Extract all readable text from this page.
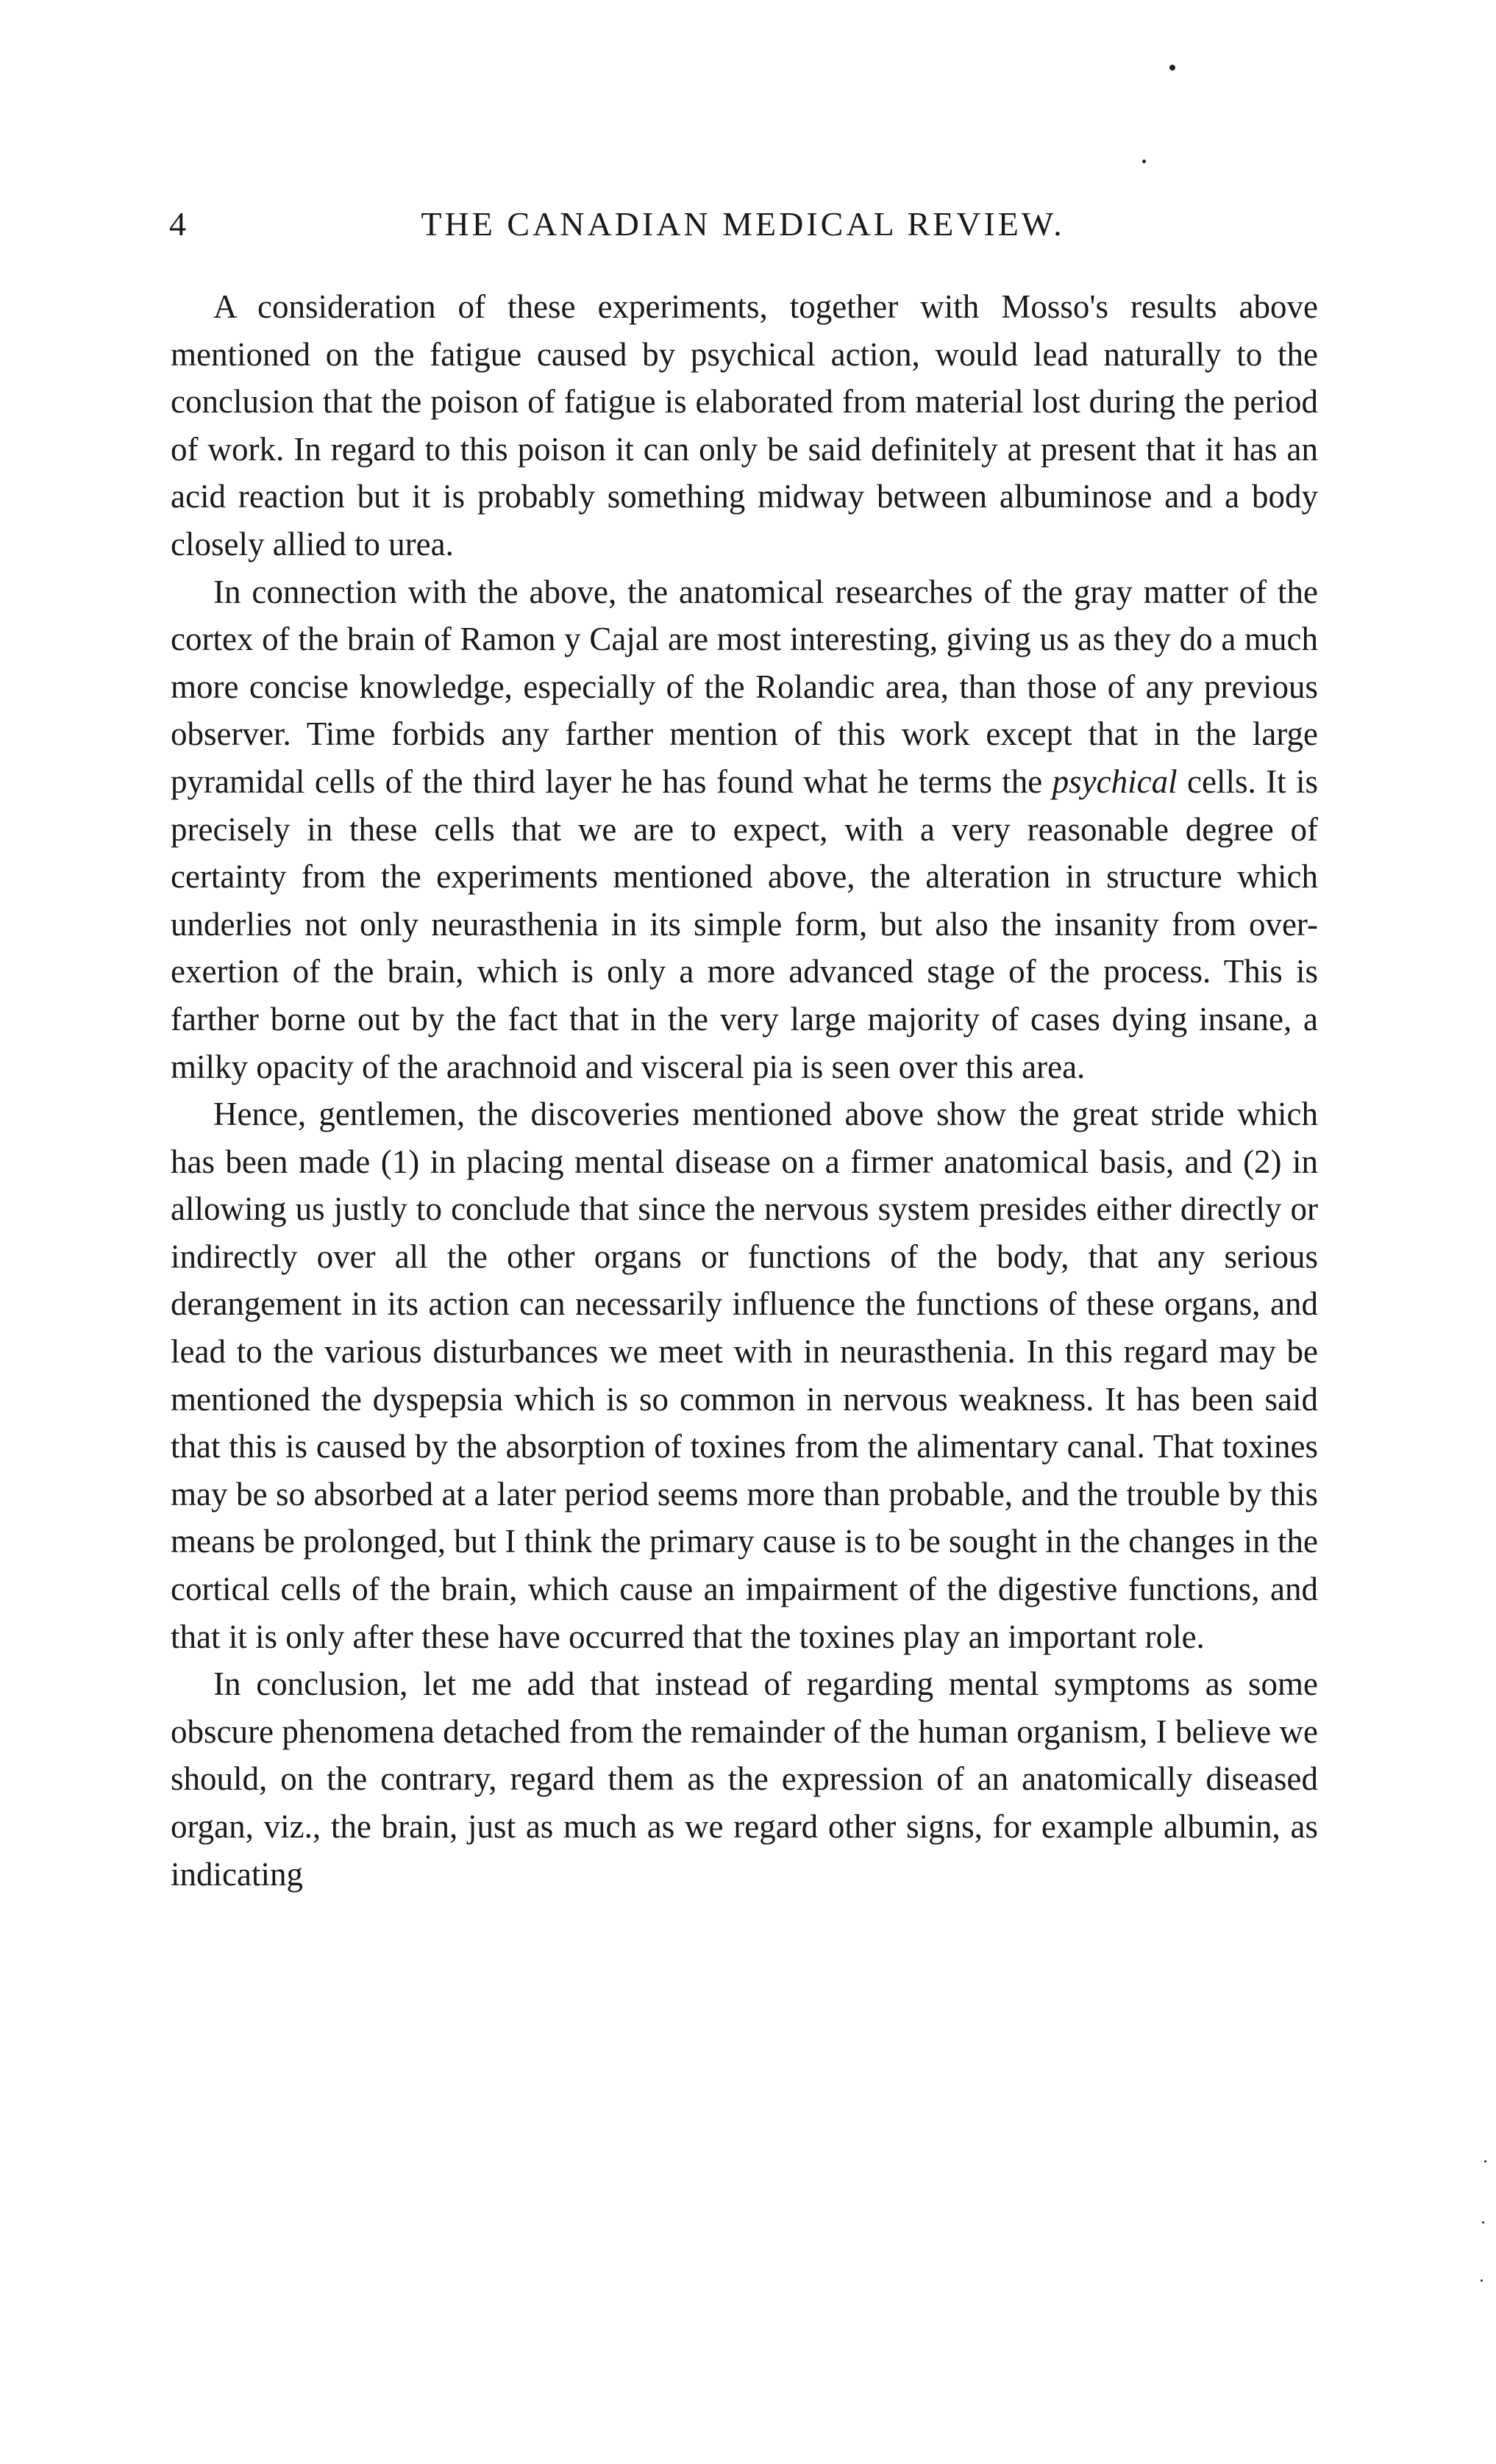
4	THE CANADIAN MEDICAL REVIEW.

A consideration of these experiments, together with Mosso's results above mentioned on the fatigue caused by psychical action, would lead naturally to the conclusion that the poison of fatigue is elaborated from material lost during the period of work. In regard to this poison it can only be said definitely at present that it has an acid reaction but it is probably something midway between albuminose and a body closely allied to urea.

In connection with the above, the anatomical researches of the gray matter of the cortex of the brain of Ramon y Cajal are most interesting, giving us as they do a much more concise knowledge, especially of the Rolandic area, than those of any previous observer. Time forbids any farther mention of this work except that in the large pyramidal cells of the third layer he has found what he terms the psychical cells. It is precisely in these cells that we are to expect, with a very reasonable degree of certainty from the experiments mentioned above, the alteration in structure which underlies not only neurasthenia in its simple form, but also the insanity from over-exertion of the brain, which is only a more advanced stage of the process. This is farther borne out by the fact that in the very large majority of cases dying insane, a milky opacity of the arachnoid and visceral pia is seen over this area.

Hence, gentlemen, the discoveries mentioned above show the great stride which has been made (1) in placing mental disease on a firmer anatomical basis, and (2) in allowing us justly to conclude that since the nervous system presides either directly or indirectly over all the other organs or functions of the body, that any serious derangement in its action can necessarily influence the functions of these organs, and lead to the various disturbances we meet with in neurasthenia. In this regard may be mentioned the dyspepsia which is so common in nervous weakness. It has been said that this is caused by the absorption of toxines from the alimentary canal. That toxines may be so absorbed at a later period seems more than probable, and the trouble by this means be prolonged, but I think the primary cause is to be sought in the changes in the cortical cells of the brain, which cause an impairment of the digestive functions, and that it is only after these have occurred that the toxines play an important role.

In conclusion, let me add that instead of regarding mental symptoms as some obscure phenomena detached from the remainder of the human organism, I believe we should, on the contrary, regard them as the expression of an anatomically diseased organ, viz., the brain, just as much as we regard other signs, for example albumin, as indicating
